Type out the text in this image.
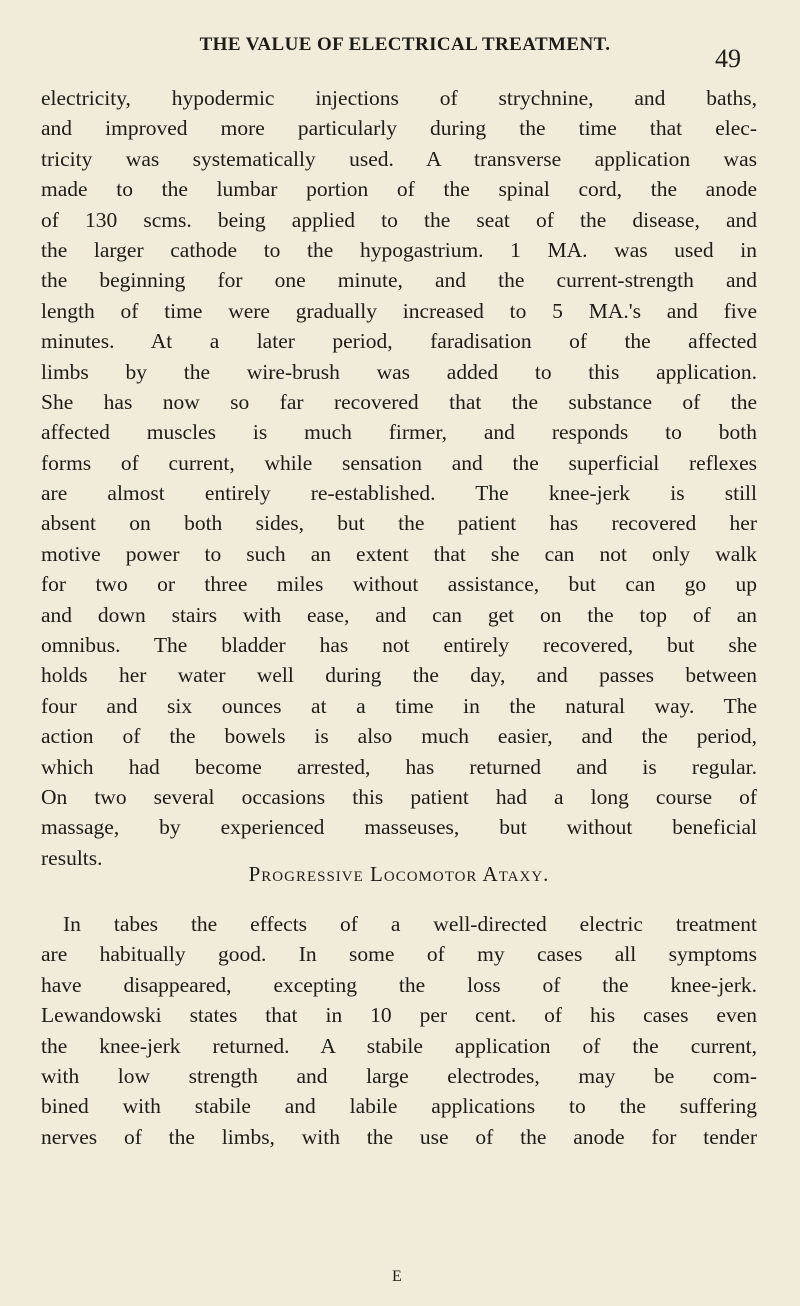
THE VALUE OF ELECTRICAL TREATMENT.	49
electricity, hypodermic injections of strychnine, and baths,
and improved more particularly during the time that elec-
tricity was systematically used. A transverse application was
made to the lumbar portion of the spinal cord, the anode
of 130 scms. being applied to the seat of the disease, and
the larger cathode to the hypogastrium. 1 MA. was used in
the beginning for one minute, and the current-strength and
length of time were gradually increased to 5 MA.'s and five
minutes. At a later period, faradisation of the affected
limbs by the wire-brush was added to this application.
She has now so far recovered that the substance of the
affected muscles is much firmer, and responds to both
forms of current, while sensation and the superficial reflexes
are almost entirely re-established. The knee-jerk is still
absent on both sides, but the patient has recovered her
motive power to such an extent that she can not only walk
for two or three miles without assistance, but can go up
and down stairs with ease, and can get on the top of an
omnibus. The bladder has not entirely recovered, but she
holds her water well during the day, and passes between
four and six ounces at a time in the natural way. The
action of the bowels is also much easier, and the period,
which had become arrested, has returned and is regular.
On two several occasions this patient had a long course of
massage, by experienced masseuses, but without beneficial
results.
Progressive Locomotor Ataxy.
In tabes the effects of a well-directed electric treatment
are habitually good. In some of my cases all symptoms
have disappeared, excepting the loss of the knee-jerk.
Lewandowski states that in 10 per cent. of his cases even
the knee-jerk returned. A stabile application of the current,
with low strength and large electrodes, may be com-
bined with stabile and labile applications to the suffering
nerves of the limbs, with the use of the anode for tender
E
